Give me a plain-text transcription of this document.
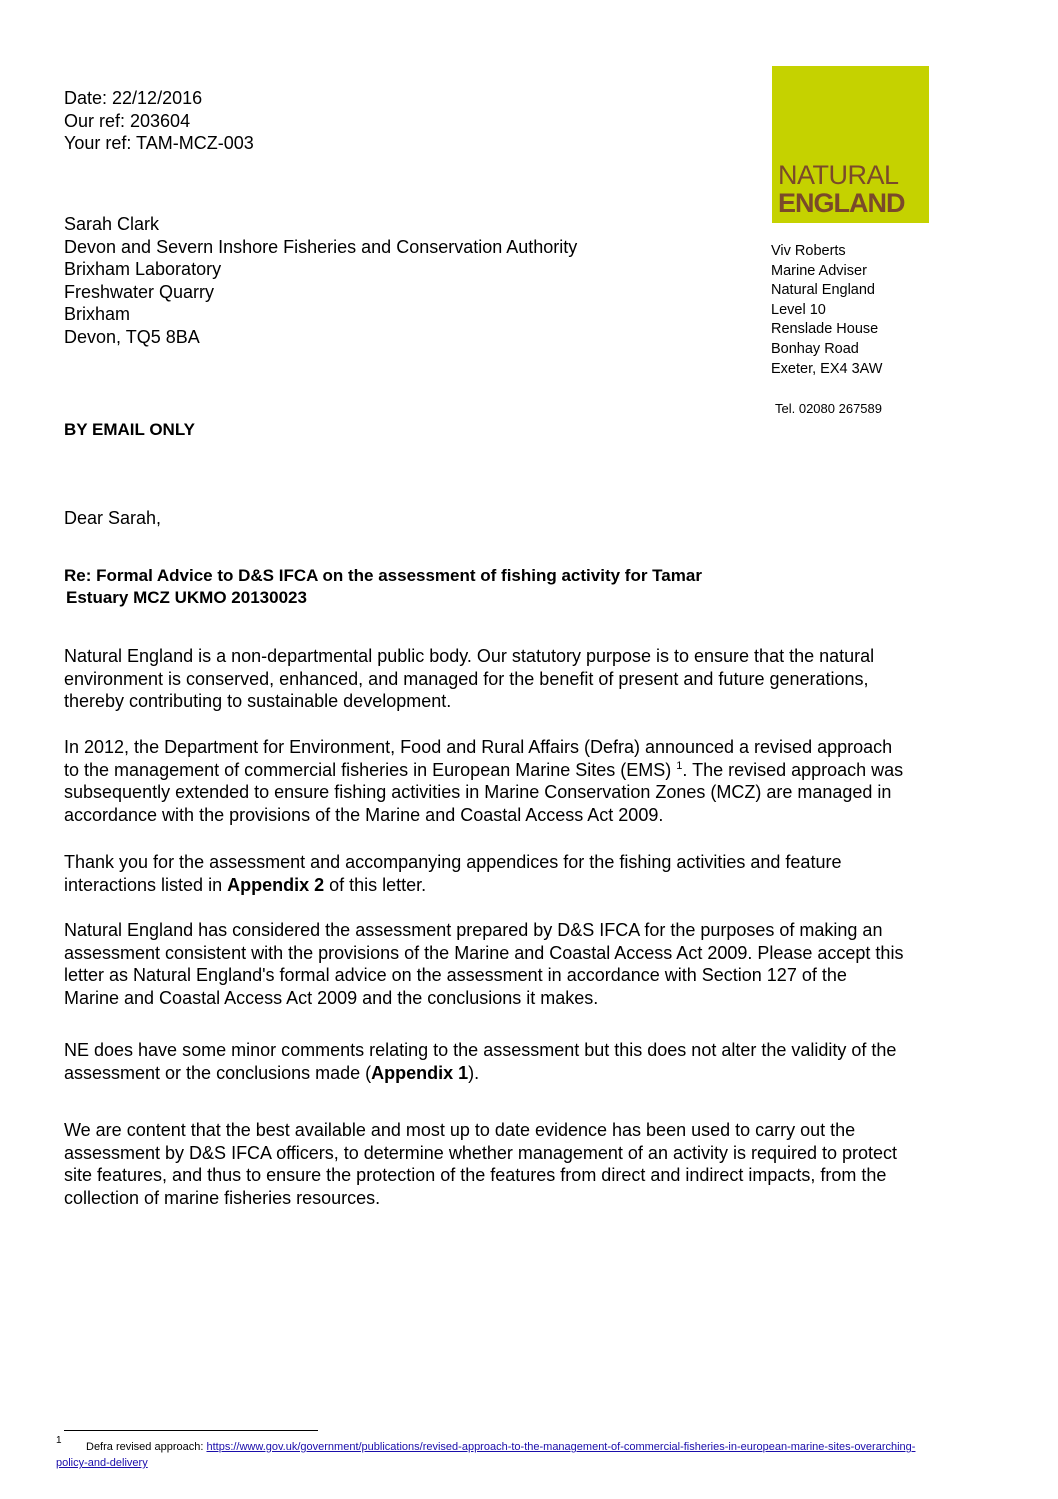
Date: 22/12/2016
Our ref: 203604
Your ref: TAM-MCZ-003
NATURAL
ENGLAND
Sarah Clark
Devon and Severn Inshore Fisheries and Conservation Authority
Brixham Laboratory
Freshwater Quarry
Brixham
Devon, TQ5 8BA
Viv Roberts
Marine Adviser
Natural England
Level 10
Renslade House
Bonhay Road
Exeter, EX4 3AW
Tel. 02080 267589
BY EMAIL ONLY
Dear Sarah,
Re: Formal Advice to D&S IFCA on the assessment of fishing activity for Tamar
Estuary MCZ UKMO 20130023
Natural England is a non-departmental public body. Our statutory purpose is to ensure that the natural
environment is conserved, enhanced, and managed for the benefit of present and future generations,
thereby contributing to sustainable development.
In 2012, the Department for Environment, Food and Rural Affairs (Defra) announced a revised approach
to the management of commercial fisheries in European Marine Sites (EMS) $^1$. The revised approach was
subsequently extended to ensure fishing activities in Marine Conservation Zones (MCZ) are managed in
accordance with the provisions of the Marine and Coastal Access Act 2009.
Thank you for the assessment and accompanying appendices for the fishing activities and feature
interactions listed in Appendix 2 of this letter.
Natural England has considered the assessment prepared by D&S IFCA for the purposes of making an
assessment consistent with the provisions of the Marine and Coastal Access Act 2009. Please accept this
letter as Natural England's formal advice on the assessment in accordance with Section 127 of the
Marine and Coastal Access Act 2009 and the conclusions it makes.
NE does have some minor comments relating to the assessment but this does not alter the validity of the
assessment or the conclusions made (Appendix 1).
We are content that the best available and most up to date evidence has been used to carry out the
assessment by D&S IFCA officers, to determine whether management of an activity is required to protect
site features, and thus to ensure the protection of the features from direct and indirect impacts, from the
collection of marine fisheries resources.
1
Defra revised approach: https://www.gov.uk/government/publications/revised-approach-to-the-management-of-commercial-fisheries-in-european-marine-sites-overarching-
policy-and-delivery
